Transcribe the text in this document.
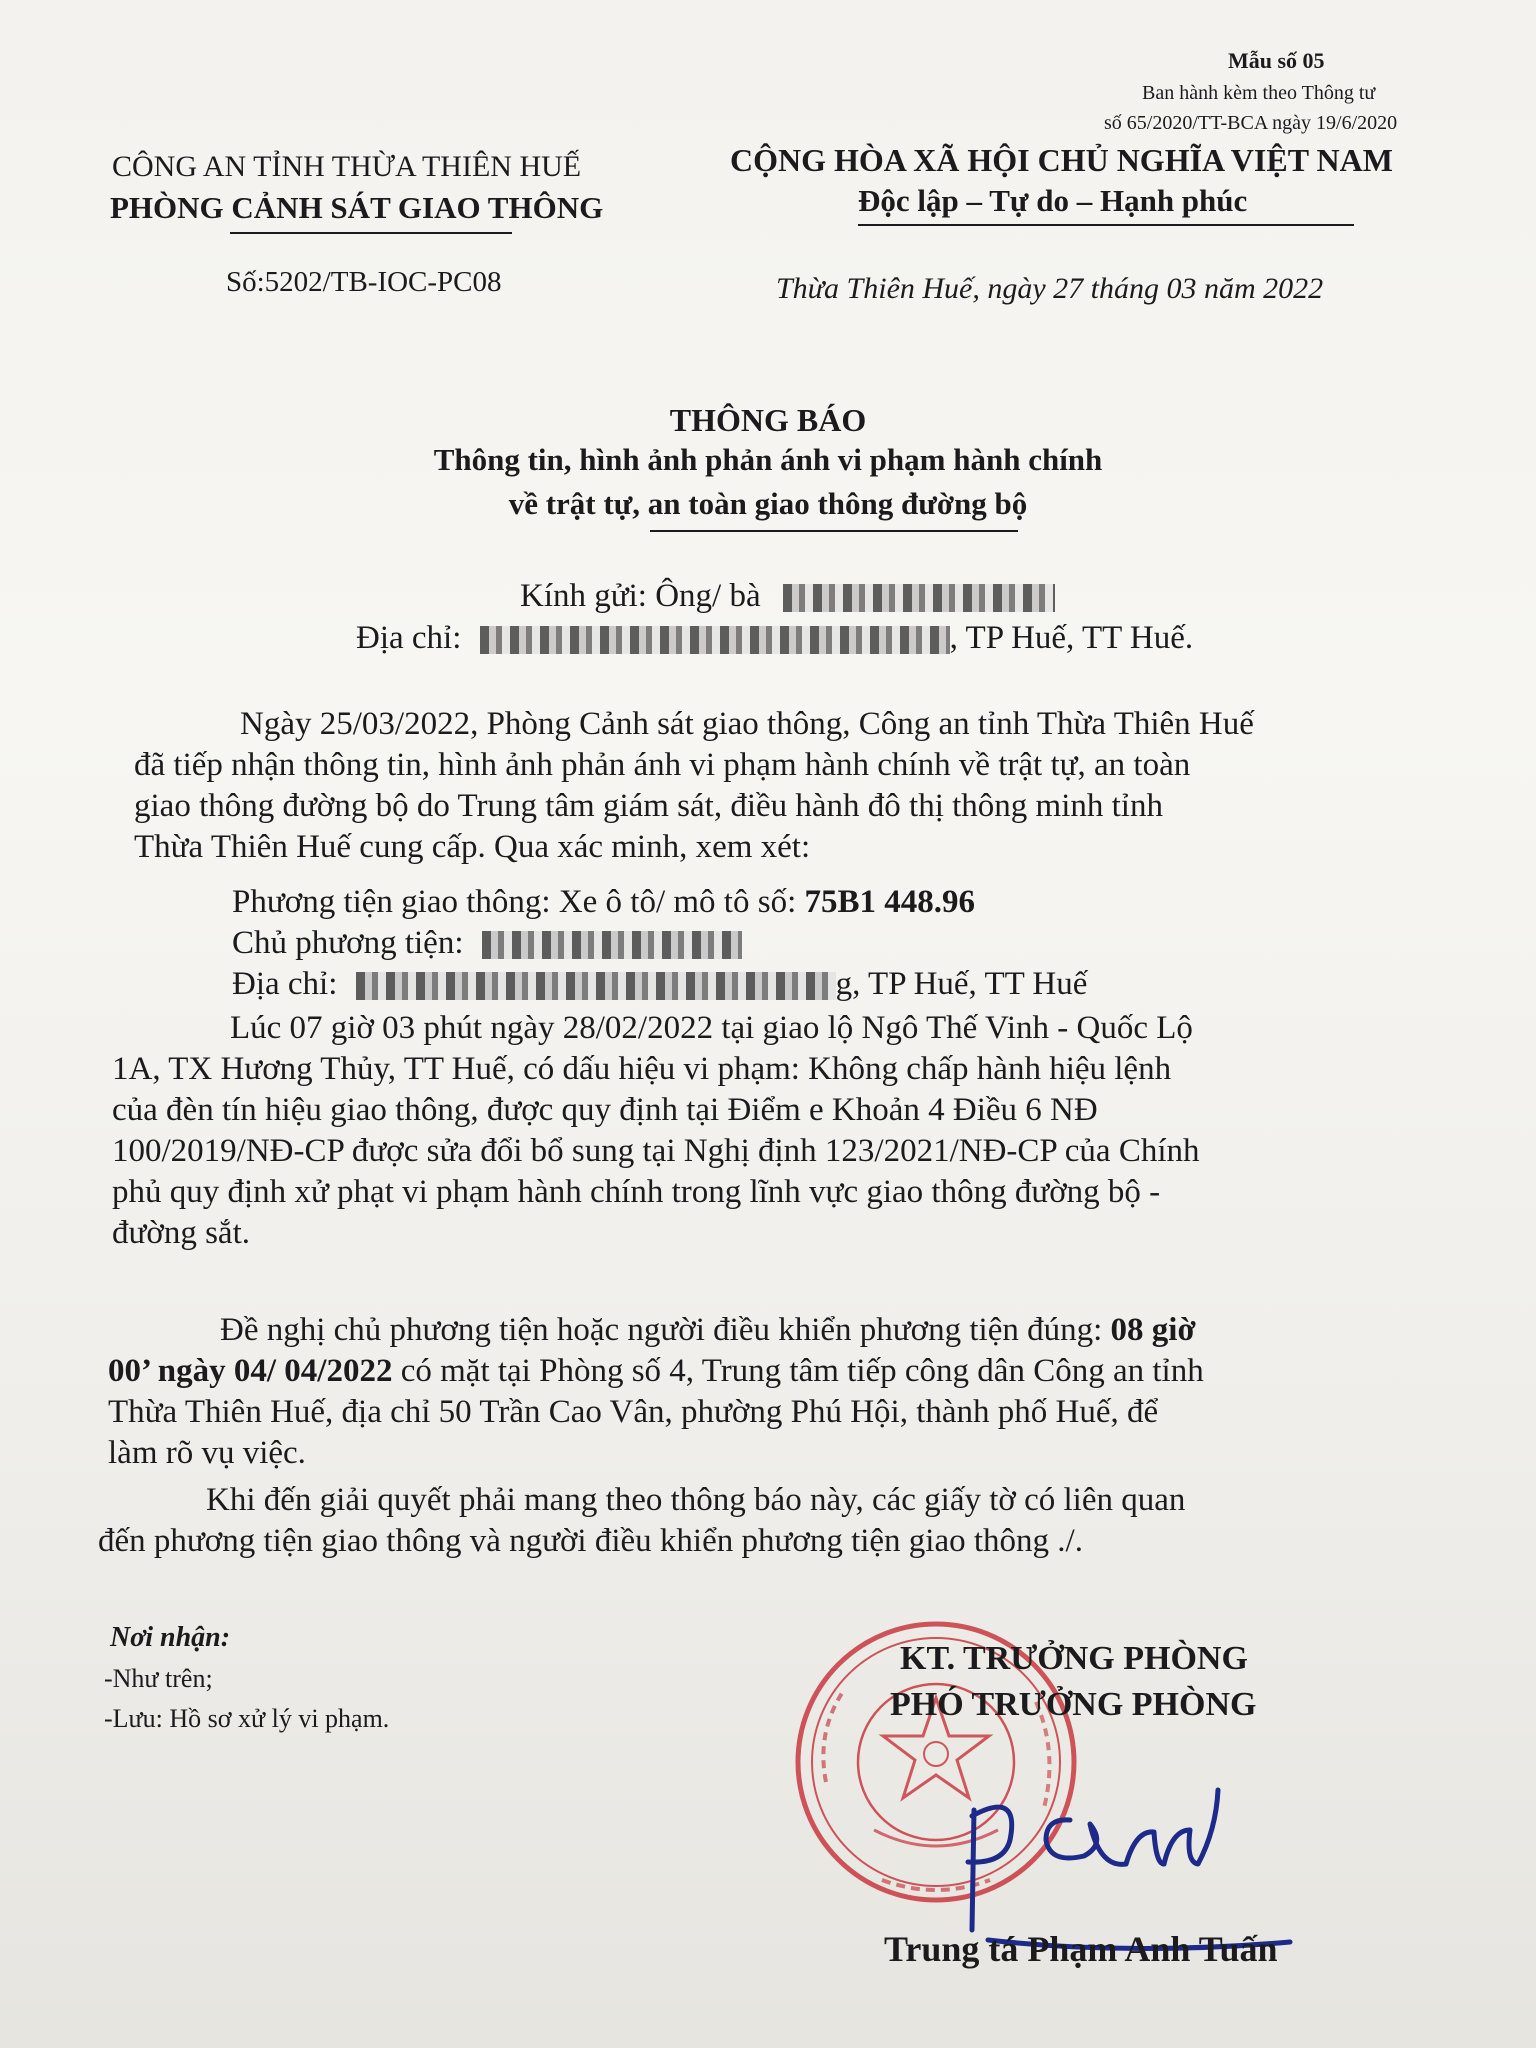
Mẫu số 05
Ban hành kèm theo Thông tư
số 65/2020/TT-BCA ngày 19/6/2020
CÔNG AN TỈNH THỪA THIÊN HUẾ
PHÒNG CẢNH SÁT GIAO THÔNG
Số:5202/TB-IOC-PC08
CỘNG HÒA XÃ HỘI CHỦ NGHĨA VIỆT NAM
Độc lập – Tự do – Hạnh phúc
Thừa Thiên Huế, ngày 27 tháng 03 năm 2022
THÔNG BÁO
Thông tin, hình ảnh phản ánh vi phạm hành chính
về trật tự, an toàn giao thông đường bộ
Kính gửi: Ông/ bà
Địa chỉ:	, TP Huế, TT Huế.
Ngày 25/03/2022, Phòng Cảnh sát giao thông, Công an tỉnh Thừa Thiên Huế
đã tiếp nhận thông tin, hình ảnh phản ánh vi phạm hành chính về trật tự, an toàn
giao thông đường bộ do Trung tâm giám sát, điều hành đô thị thông minh tỉnh
Thừa Thiên Huế cung cấp. Qua xác minh, xem xét:
Phương tiện giao thông: Xe ô tô/ mô tô số: 75B1 448.96
Chủ phương tiện:
Địa chỉ:	g, TP Huế, TT Huế
Lúc 07 giờ 03 phút ngày 28/02/2022 tại giao lộ Ngô Thế Vinh - Quốc Lộ
1A, TX Hương Thủy, TT Huế, có dấu hiệu vi phạm: Không chấp hành hiệu lệnh
của đèn tín hiệu giao thông, được quy định tại Điểm e Khoản 4 Điều 6 NĐ
100/2019/NĐ-CP được sửa đổi bổ sung tại Nghị định 123/2021/NĐ-CP của Chính
phủ quy định xử phạt vi phạm hành chính trong lĩnh vực giao thông đường bộ -
đường sắt.
Đề nghị chủ phương tiện hoặc người điều khiển phương tiện đúng: 08 giờ
00’ ngày 04/ 04/2022 có mặt tại Phòng số 4, Trung tâm tiếp công dân Công an tỉnh
Thừa Thiên Huế, địa chỉ 50 Trần Cao Vân, phường Phú Hội, thành phố Huế, để
làm rõ vụ việc.
Khi đến giải quyết phải mang theo thông báo này, các giấy tờ có liên quan
đến phương tiện giao thông và người điều khiển phương tiện giao thông ./.
Nơi nhận:
-Như trên;
-Lưu: Hồ sơ xử lý vi phạm.
KT. TRƯỞNG PHÒNG
PHÓ TRƯỞNG PHÒNG
Trung tá Phạm Anh Tuấn
